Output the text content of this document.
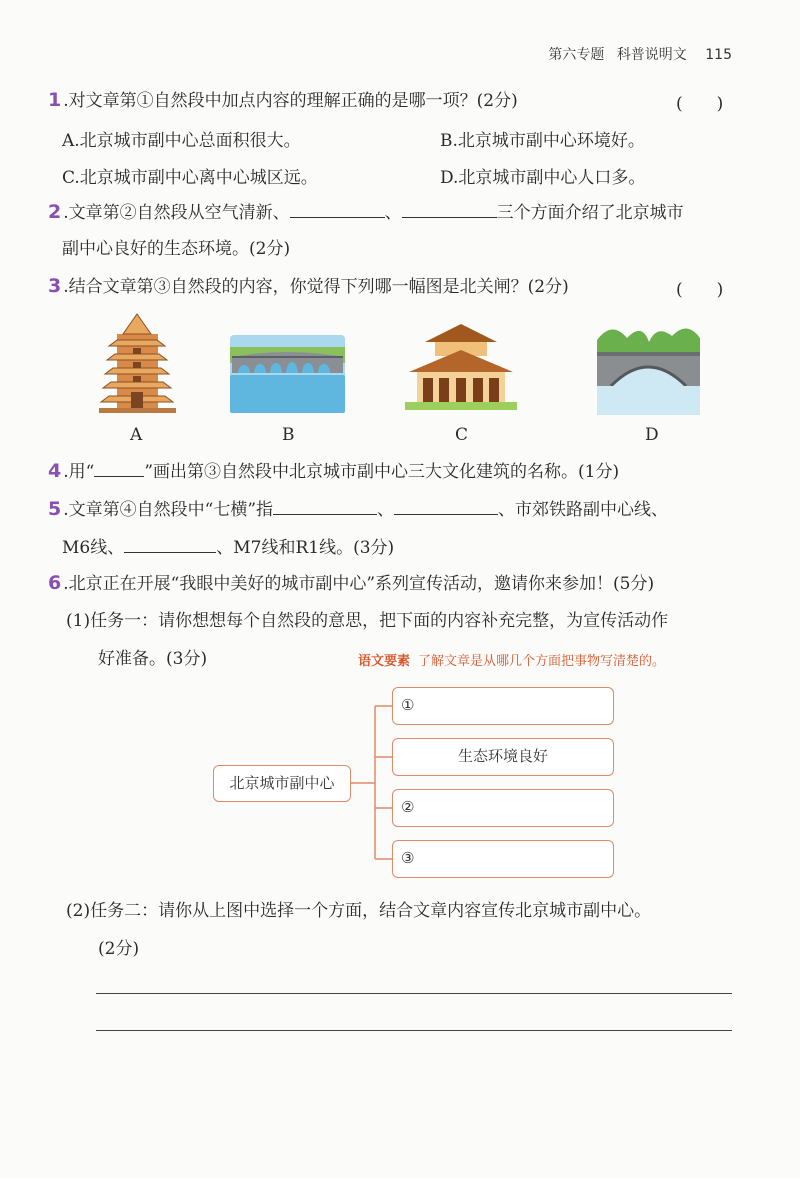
第六专题 科普说明文 115
1 .对文章第①自然段中加点内容的理解正确的是哪一项？(2分)	(　　)
A.北京城市副中心总面积很大。	B.北京城市副中心环境好。
C.北京城市副中心离中心城区远。	D.北京城市副中心人口多。
2 .文章第②自然段从空气清新、	、	三个方面介绍了北京城市
副中心良好的生态环境。(2分)
3 .结合文章第③自然段的内容，你觉得下列哪一幅图是北关闸？(2分)	(　　)
A	B	C	D
4 .用“	”画出第③自然段中北京城市副中心三大文化建筑的名称。(1分)
5 .文章第④自然段中“七横”指	、	、市郊铁路副中心线、
M6线、	、M7线和R1线。(3分)
6 .北京正在开展“我眼中美好的城市副中心”系列宣传活动，邀请你来参加！(5分)
(1)任务一：请你想想每个自然段的意思，把下面的内容补充完整，为宣传活动作
好准备。(3分)	语文要素 了解文章是从哪几个方面把事物写清楚的。
北京城市副中心
①
生态环境良好
②
③
(2)任务二：请你从上图中选择一个方面，结合文章内容宣传北京城市副中心。
(2分)
